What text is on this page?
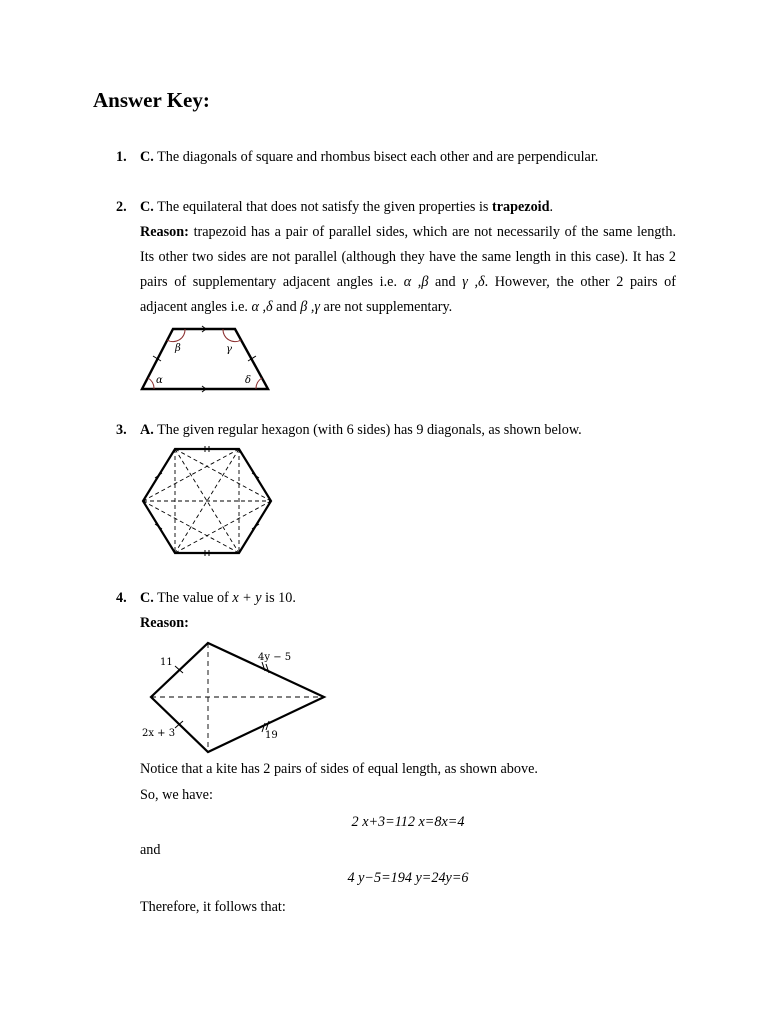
Answer Key:
1. C. The diagonals of square and rhombus bisect each other and are perpendicular.
2. C. The equilateral that does not satisfy the given properties is trapezoid.
Reason: trapezoid has a pair of parallel sides, which are not necessarily of the same length. Its other two sides are not parallel (although they have the same length in this case). It has 2 pairs of supplementary adjacent angles i.e. α ,β and γ ,δ. However, the other 2 pairs of adjacent angles i.e. α ,δ and β ,γ are not supplementary.
α
β	γ
δ
3. A. The given regular hexagon (with 6 sides) has 9 diagonals, as shown below.
4. C. The value of x + y is 10.
Reason:
11	4y − 5
2x + 3	19
Notice that a kite has 2 pairs of sides of equal length, as shown above.
So, we have:
2 x+3=112 x=8x=4
and
4 y−5=194 y=24y=6
Therefore, it follows that:
